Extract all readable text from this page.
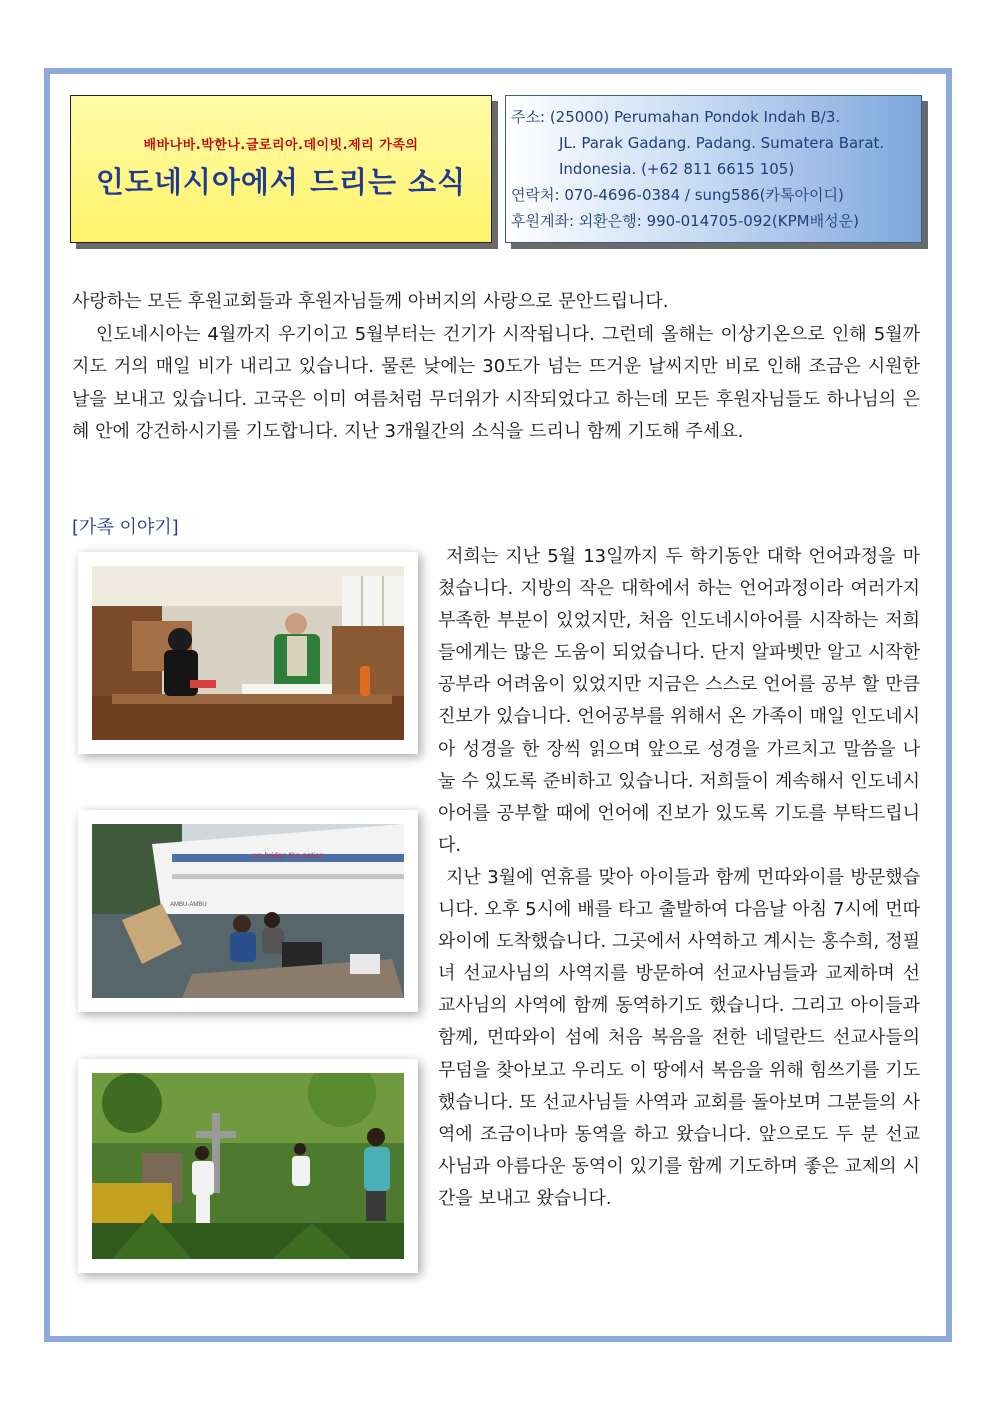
배바나바.박한나.글로리아.데이빗.제리 가족의
인도네시아에서 드리는 소식
주소: (25000) Perumahan Pondok Indah B/3.
JL. Parak Gadang. Padang. Sumatera Barat.
Indonesia. (+62 811 6615 105)
연락처: 070-4696-0384 / sung586(카톡아이디)
후원계좌: 외환은행: 990-014705-092(KPM배성운)

사랑하는 모든 후원교회들과 후원자님들께 아버지의 사랑으로 문안드립니다.

인도네시아는 4월까지 우기이고 5월부터는 건기가 시작됩니다. 그런데 올해는 이상기온으로 인해 5월까지도 거의 매일 비가 내리고 있습니다. 물론 낮에는 30도가 넘는 뜨거운 날씨지만 비로 인해 조금은 시원한 날을 보내고 있습니다. 고국은 이미 여름처럼 무더위가 시작되었다고 하는데 모든 후원자님들도 하나님의 은혜 안에 강건하시기를 기도합니다. 지난 3개월간의 소식을 드리니 함께 기도해 주세요.

[가족 이야기]
we bridge the nation
AMBU-AMBU

저희는 지난 5월 13일까지 두 학기동안 대학 언어과정을 마쳤습니다. 지방의 작은 대학에서 하는 언어과정이라 여러가지 부족한 부분이 있었지만, 처음 인도네시아어를 시작하는 저희들에게는 많은 도움이 되었습니다. 단지 알파벳만 알고 시작한 공부라 어려움이 있었지만 지금은 스스로 언어를 공부 할 만큼 진보가 있습니다. 언어공부를 위해서 온 가족이 매일 인도네시아 성경을 한 장씩 읽으며 앞으로 성경을 가르치고 말씀을 나눌 수 있도록 준비하고 있습니다. 저희들이 계속해서 인도네시아어를 공부할 때에 언어에 진보가 있도록 기도를 부탁드립니다.

지난 3월에 연휴를 맞아 아이들과 함께 먼따와이를 방문했습니다. 오후 5시에 배를 타고 출발하여 다음날 아침 7시에 먼따와이에 도착했습니다. 그곳에서 사역하고 계시는 홍수희, 정필녀 선교사님의 사역지를 방문하여 선교사님들과 교제하며 선교사님의 사역에 함께 동역하기도 했습니다. 그리고 아이들과 함께, 먼따와이 섬에 처음 복음을 전한 네덜란드 선교사들의 무덤을 찾아보고 우리도 이 땅에서 복음을 위해 힘쓰기를 기도했습니다. 또 선교사님들 사역과 교회를 돌아보며 그분들의 사역에 조금이나마 동역을 하고 왔습니다. 앞으로도 두 분 선교사님과 아름다운 동역이 있기를 함께 기도하며 좋은 교제의 시간을 보내고 왔습니다.
